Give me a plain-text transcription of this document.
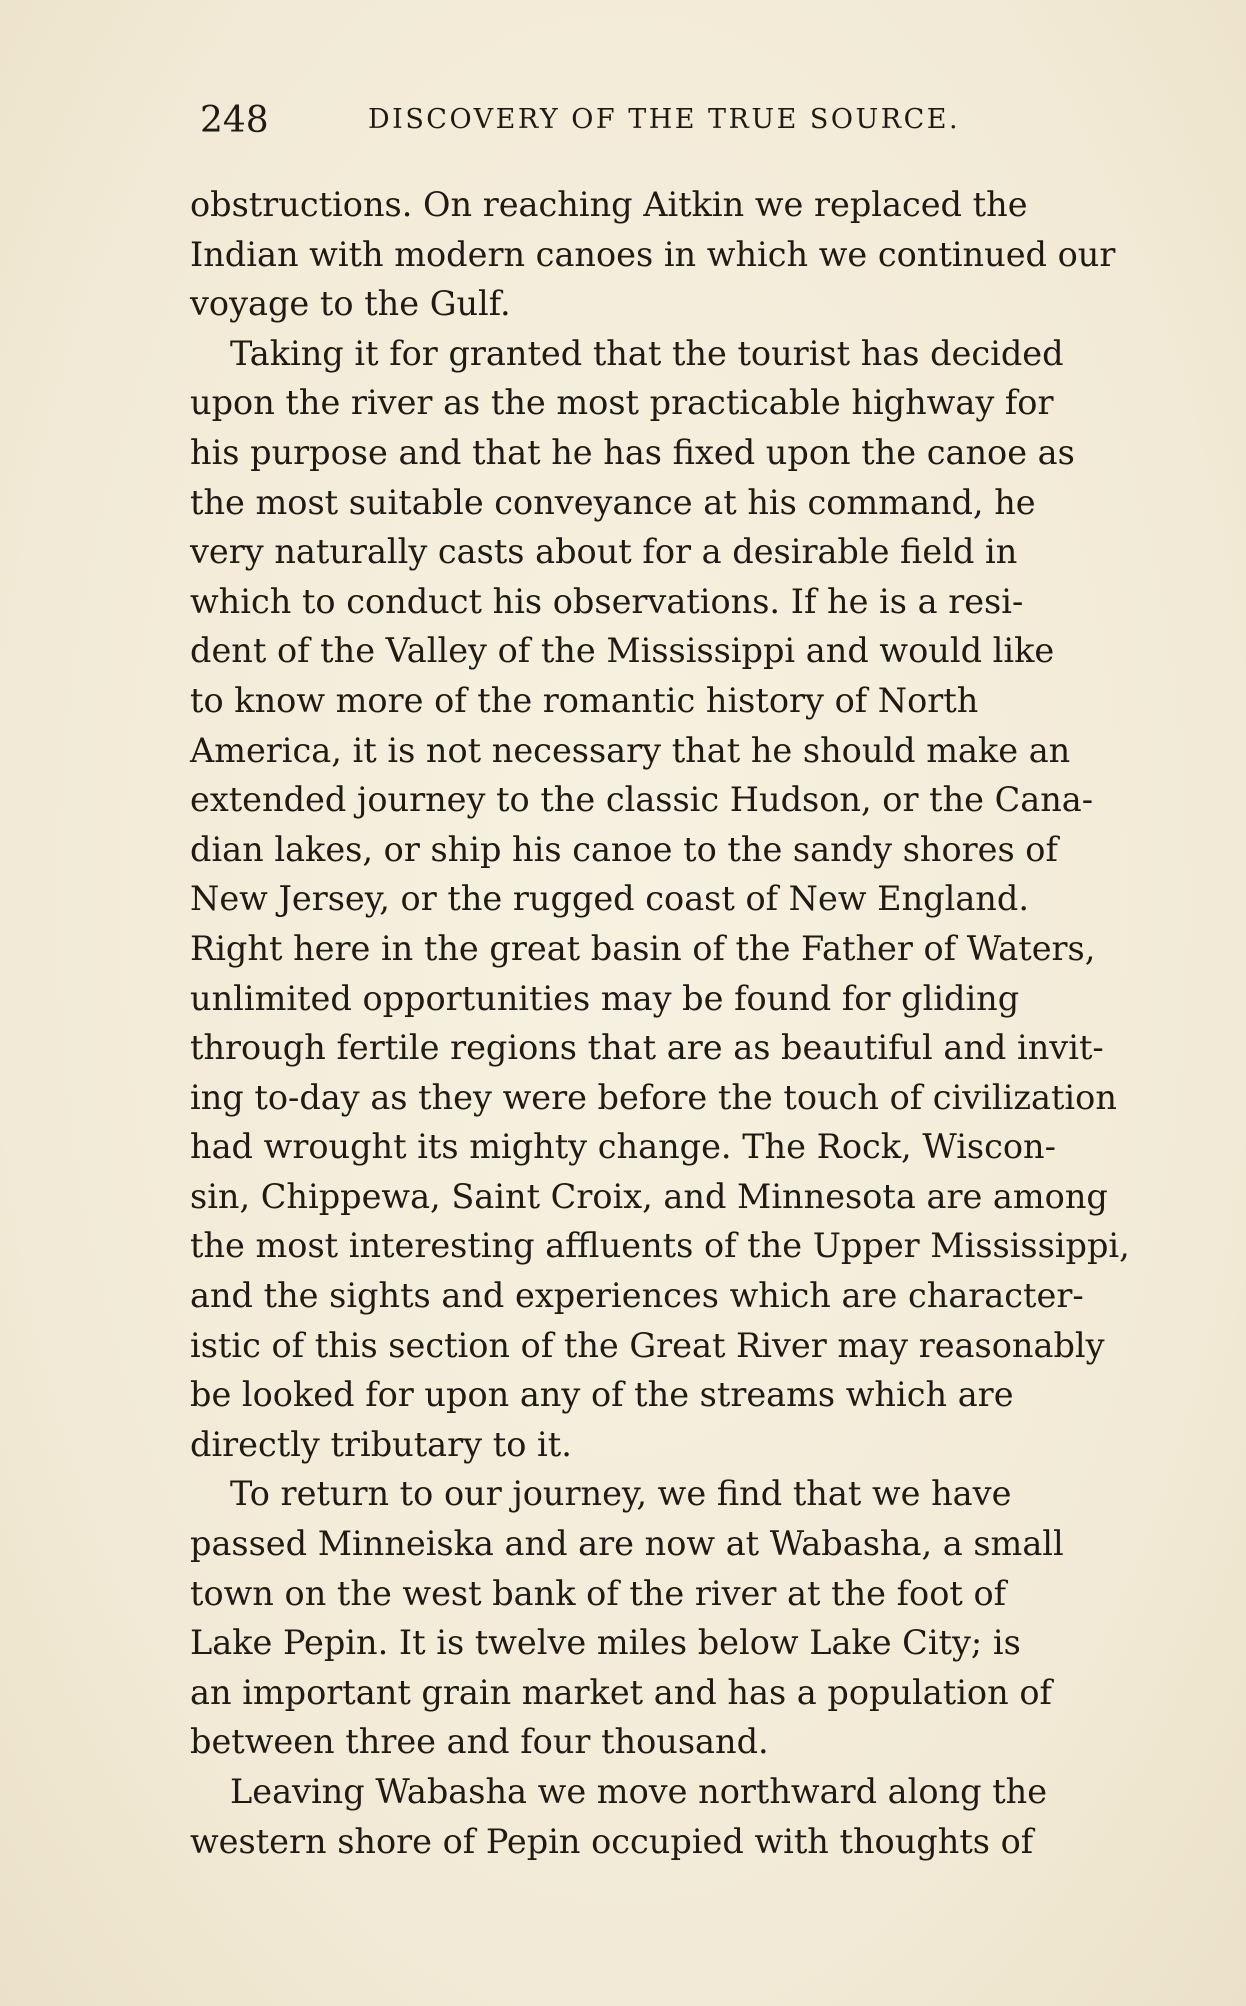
248	DISCOVERY OF THE TRUE SOURCE.
obstructions. On reaching Aitkin we replaced the
Indian with modern canoes in which we continued our
voyage to the Gulf.
Taking it for granted that the tourist has decided
upon the river as the most practicable highway for
his purpose and that he has fixed upon the canoe as
the most suitable conveyance at his command, he
very naturally casts about for a desirable field in
which to conduct his observations. If he is a resi-
dent of the Valley of the Mississippi and would like
to know more of the romantic history of North
America, it is not necessary that he should make an
extended journey to the classic Hudson, or the Cana-
dian lakes, or ship his canoe to the sandy shores of
New Jersey, or the rugged coast of New England.
Right here in the great basin of the Father of Waters,
unlimited opportunities may be found for gliding
through fertile regions that are as beautiful and invit-
ing to-day as they were before the touch of civilization
had wrought its mighty change. The Rock, Wiscon-
sin, Chippewa, Saint Croix, and Minnesota are among
the most interesting affluents of the Upper Mississippi,
and the sights and experiences which are character-
istic of this section of the Great River may reasonably
be looked for upon any of the streams which are
directly tributary to it.
To return to our journey, we find that we have
passed Minneiska and are now at Wabasha, a small
town on the west bank of the river at the foot of
Lake Pepin. It is twelve miles below Lake City; is
an important grain market and has a population of
between three and four thousand.
Leaving Wabasha we move northward along the
western shore of Pepin occupied with thoughts of
